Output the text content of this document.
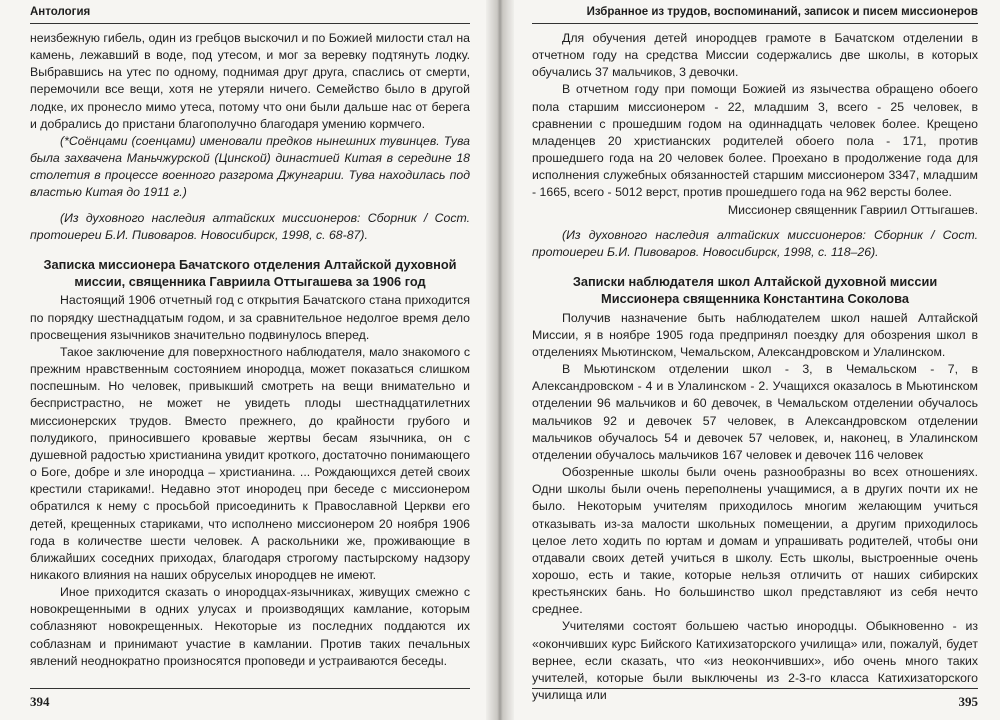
Антология

неизбежную гибель, один из гребцов выскочил и по Божией милости стал на камень, лежавший в воде, под утесом, и мог за веревку подтянуть лодку. Выбравшись на утес по одному, поднимая друг друга, спаслись от смерти, перемочили все вещи, хотя не утеряли ничего. Семейство было в другой лодке, их пронесло мимо утеса, потому что они были дальше нас от берега и добрались до пристани благополучно благодаря умению кормчего.

(*Соёнцами (соенцами) именовали предков нынешних тувинцев. Тува была захвачена Маньчжурской (Цинской) династией Китая в середине 18 столетия в процессе военного разгрома Джунгарии. Тува находилась под властью Китая до 1911 г.)

(Из духовного наследия алтайских миссионеров: Сборник / Сост. протоиереи Б.И. Пивоваров. Новосибирск, 1998, с. 68-87).

Записка миссионера Бачатского отделения Алтайской духовной миссии, священника Гавриила Оттыгашева за 1906 год

Настоящий 1906 отчетный год с открытия Бачатского стана приходится по порядку шестнадцатым годом, и за сравнительное недолгое время дело просвещения язычников значительно подвинулось вперед.

Такое заключение для поверхностного наблюдателя, мало знакомого с прежним нравственным состоянием инородца, может показаться слишком поспешным. Но человек, привыкший смотреть на вещи внимательно и беспристрастно, не может не увидеть плоды шестнадцатилетних миссионерских трудов. Вместо прежнего, до крайности грубого и полудикого, приносившего кровавые жертвы бесам язычника, он с душевной радостью христианина увидит кроткого, достаточно понимающего о Боге, добре и зле инородца – христианина. ... Рождающихся детей своих крестили стариками!. Недавно этот инородец при беседе с миссионером обратился к нему с просьбой присоединить к Православной Церкви его детей, крещенных стариками, что исполнено миссионером 20 ноября 1906 года в количестве шести человек. А раскольники же, проживающие в ближайших соседних приходах, благодаря строгому пастырскому надзору никакого влияния на наших обруселых инородцев не имеют.

Иное приходится сказать о инородцах-язычниках, живущих смежно с новокрещенными в одних улусах и производящих камлание, которым соблазняют новокрещенных. Некоторые из последних поддаются их соблазнам и принимают участие в камлании. Против таких печальных явлений неоднократно произносятся проповеди и устраиваются беседы.

394
Избранное из трудов, воспоминаний, записок и писем миссионеров

Для обучения детей инородцев грамоте в Бачатском отделении в отчетном году на средства Миссии содержались две школы, в которых обучались 37 мальчиков, 3 девочки.

В отчетном году при помощи Божией из язычества обращено обоего пола старшим миссионером - 22, младшим 3, всего - 25 человек, в сравнении с прошедшим годом на одиннадцать человек более. Крещено младенцев 20 христианских родителей обоего пола - 171, против прошедшего года на 20 человек более. Проехано в продолжение года для исполнения служебных обязанностей старшим миссионером 3347, младшим - 1665, всего - 5012 верст, против прошедшего года на 962 версты более.

Миссионер священник Гавриил Оттыгашев.

(Из духовного наследия алтайских миссионеров: Сборник / Сост. протоиереи Б.И. Пивоваров. Новосибирск, 1998, с. 118–26).

Записки наблюдателя школ Алтайской духовной миссии Миссионера священника Константина Соколова

Получив назначение быть наблюдателем школ нашей Алтайской Миссии, я в ноябре 1905 года предпринял поездку для обозрения школ в отделениях Мьютинском, Чемальском, Александровском и Улалинском.

В Мьютинском отделении школ - 3, в Чемальском - 7, в Александровском - 4 и в Улалинском - 2. Учащихся оказалось в Мьютинском отделении 96 мальчиков и 60 девочек, в Чемальском отделении обучалось мальчиков 92 и девочек 57 человек, в Александровском отделении мальчиков обучалось 54 и девочек 57 человек, и, наконец, в Улалинском отделении обучалось мальчиков 167 человек и девочек 116 человек

Обозренные школы были очень разнообразны во всех отношениях. Одни школы были очень переполнены учащимися, а в других почти их не было. Некоторым учителям приходилось многим желающим учиться отказывать из-за малости школьных помещении, а другим приходилось целое лето ходить по юртам и домам и упрашивать родителей, чтобы они отдавали своих детей учиться в школу. Есть школы, выстроенные очень хорошо, есть и такие, которые нельзя отличить от наших сибирских крестьянских бань. Но большинство школ представляют из себя нечто среднее.

Учителями состоят большею частью инородцы. Обыкновенно - из «окончивших курс Бийского Катихизаторского училища» или, пожалуй, будет вернее, если сказать, что «из неокончивших», ибо очень много таких учителей, которые были выключены из 2-3-го класса Катихизаторского училища или	395
